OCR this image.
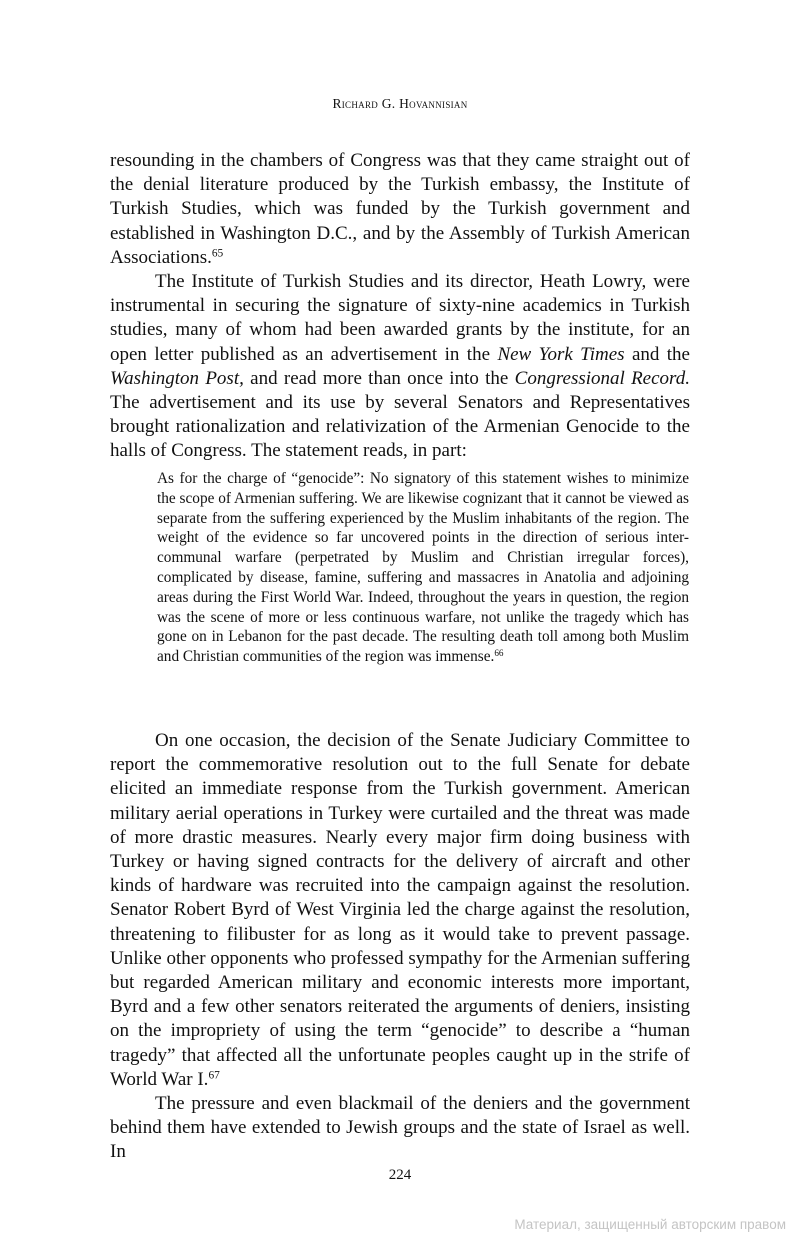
Richard G. Hovannisian

resounding in the chambers of Congress was that they came straight out of the denial literature produced by the Turkish embassy, the Institute of Turkish Studies, which was funded by the Turkish government and established in Washington D.C., and by the Assembly of Turkish American Associations.$^{65}$

The Institute of Turkish Studies and its director, Heath Lowry, were instrumental in securing the signature of sixty-nine academics in Turkish studies, many of whom had been awarded grants by the institute, for an open letter published as an advertisement in the New York Times and the Washington Post, and read more than once into the Congressional Record. The advertisement and its use by several Senators and Representatives brought rationalization and relativization of the Armenian Genocide to the halls of Congress. The statement reads, in part:

As for the charge of “genocide”: No signatory of this statement wishes to minimize the scope of Armenian suffering. We are likewise cognizant that it cannot be viewed as separate from the suffering experienced by the Muslim inhabitants of the region. The weight of the evidence so far uncovered points in the direction of serious inter-communal warfare (perpetrated by Muslim and Christian irregular forces), complicated by disease, famine, suffering and massacres in Anatolia and adjoining areas during the First World War. Indeed, throughout the years in question, the region was the scene of more or less continuous warfare, not unlike the tragedy which has gone on in Lebanon for the past decade. The resulting death toll among both Muslim and Christian communities of the region was immense.$^{66}$

On one occasion, the decision of the Senate Judiciary Committee to report the commemorative resolution out to the full Senate for debate elicited an immediate response from the Turkish government. American military aerial operations in Turkey were curtailed and the threat was made of more drastic measures. Nearly every major firm doing business with Turkey or having signed contracts for the delivery of aircraft and other kinds of hardware was recruited into the campaign against the resolution. Senator Robert Byrd of West Virginia led the charge against the resolution, threatening to filibuster for as long as it would take to prevent passage. Unlike other opponents who professed sympathy for the Armenian suffering but regarded American military and economic interests more important, Byrd and a few other senators reiterated the arguments of deniers, insisting on the impropriety of using the term “genocide” to describe a “human tragedy” that affected all the unfortunate peoples caught up in the strife of World War I.$^{67}$

The pressure and even blackmail of the deniers and the government behind them have extended to Jewish groups and the state of Israel as well. In

224
Материал, защищенный авторским правом
